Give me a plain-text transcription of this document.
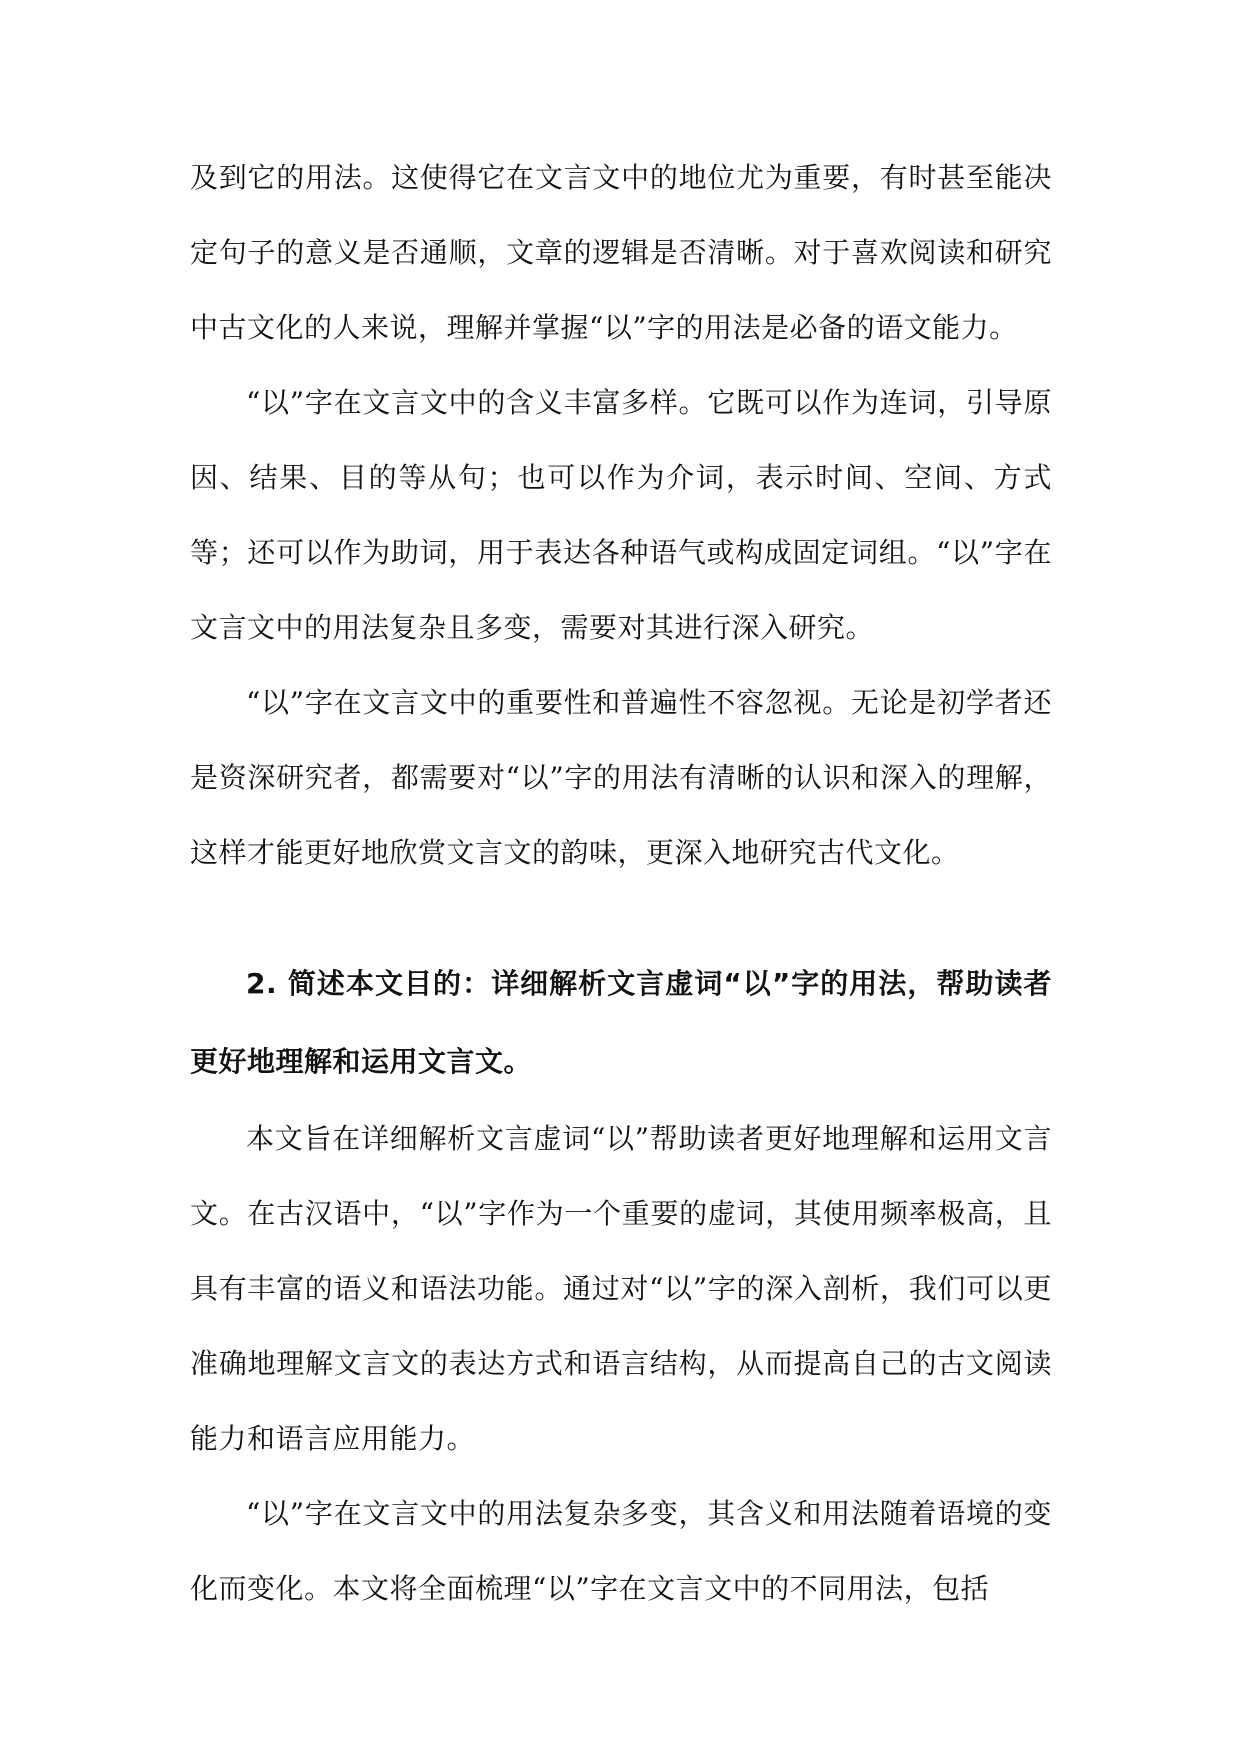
及到它的用法。这使得它在文言文中的地位尤为重要，有时甚至能决定句子的意义是否通顺，文章的逻辑是否清晰。对于喜欢阅读和研究中古文化的人来说，理解并掌握“以”字的用法是必备的语文能力。

“以”字在文言文中的含义丰富多样。它既可以作为连词，引导原因、结果、目的等从句；也可以作为介词，表示时间、空间、方式等；还可以作为助词，用于表达各种语气或构成固定词组。“以”字在文言文中的用法复杂且多变，需要对其进行深入研究。

“以”字在文言文中的重要性和普遍性不容忽视。无论是初学者还是资深研究者，都需要对“以”字的用法有清晰的认识和深入的理解，这样才能更好地欣赏文言文的韵味，更深入地研究古代文化。

2. 简述本文目的：详细解析文言虚词“以”字的用法，帮助读者更好地理解和运用文言文。

本文旨在详细解析文言虚词“以”帮助读者更好地理解和运用文言文。在古汉语中，“以”字作为一个重要的虚词，其使用频率极高，且具有丰富的语义和语法功能。通过对“以”字的深入剖析，我们可以更准确地理解文言文的表达方式和语言结构，从而提高自己的古文阅读能力和语言应用能力。

“以”字在文言文中的用法复杂多变，其含义和用法随着语境的变化而变化。本文将全面梳理“以”字在文言文中的不同用法，包括
